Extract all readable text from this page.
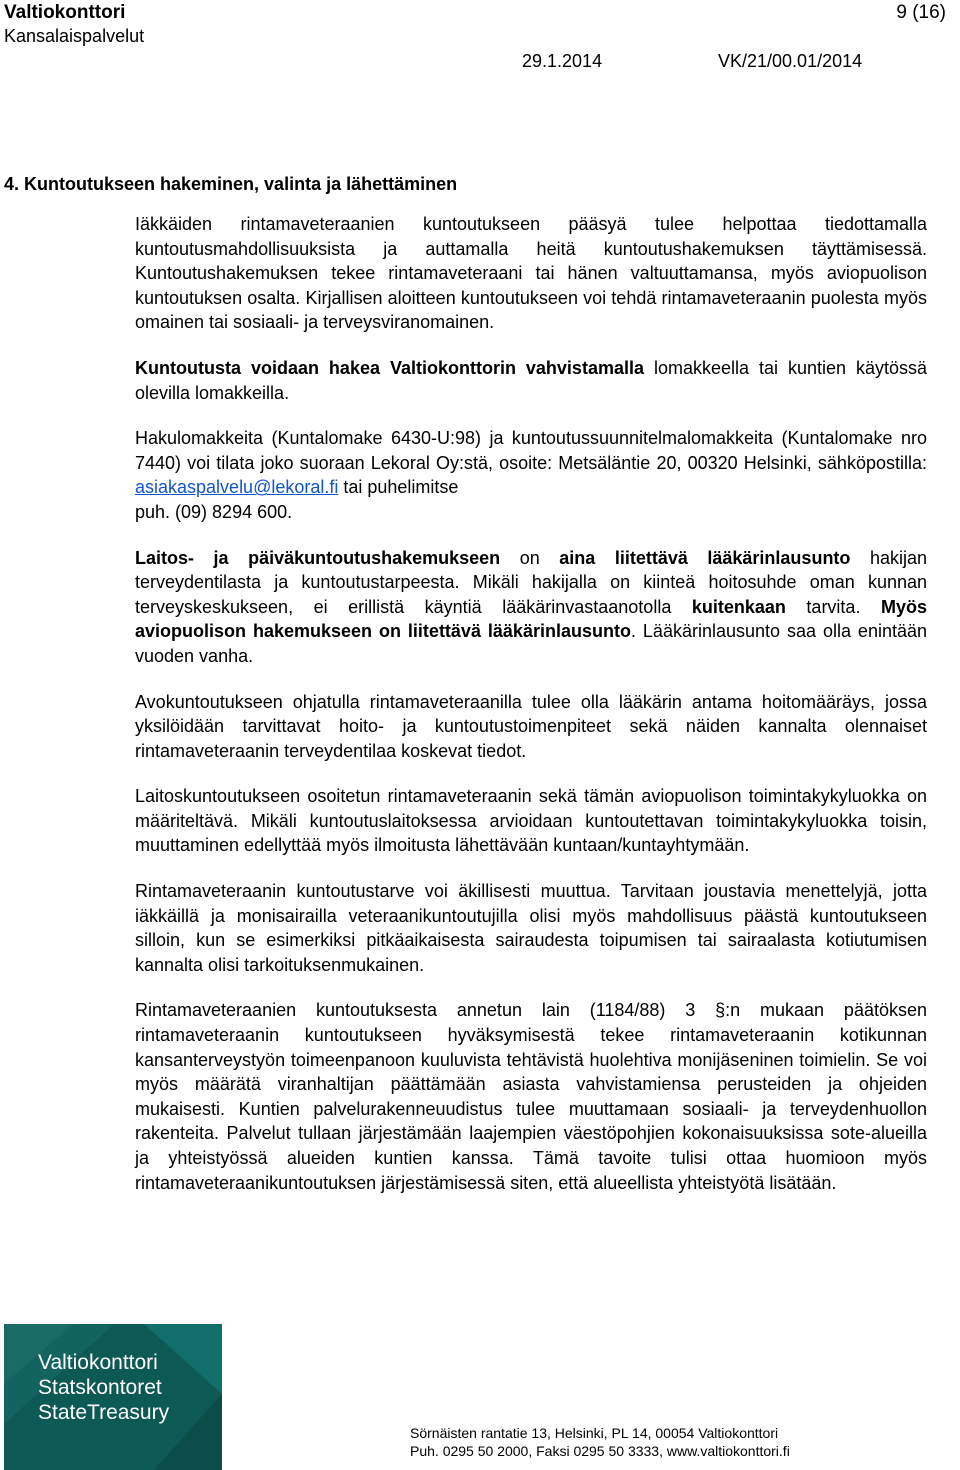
Valtiokonttori
Kansalaispalvelut
9 (16)
29.1.2014	VK/21/00.01/2014
4. Kuntoutukseen hakeminen, valinta ja lähettäminen

Iäkkäiden rintamaveteraanien kuntoutukseen pääsyä tulee helpottaa tiedottamalla kuntoutusmahdollisuuksista ja auttamalla heitä kuntoutushakemuksen täyttämisessä. Kuntoutushakemuksen tekee rintamaveteraani tai hänen valtuuttamansa, myös aviopuolison kuntoutuksen osalta. Kirjallisen aloitteen kuntoutukseen voi tehdä rintamaveteraanin puolesta myös omainen tai sosiaali- ja terveysviranomainen.

Kuntoutusta voidaan hakea Valtiokonttorin vahvistamalla lomakkeella tai kuntien käytössä olevilla lomakkeilla.

Hakulomakkeita (Kuntalomake 6430-U:98) ja kuntoutussuunnitelmalomakkeita (Kuntalomake nro 7440) voi tilata joko suoraan Lekoral Oy:stä, osoite: Metsäläntie 20, 00320 Helsinki, sähköpostilla: asiakaspalvelu@lekoral.fi tai puhelimitse

puh. (09) 8294 600.

Laitos- ja päiväkuntoutushakemukseen on aina liitettävä lääkärinlausunto hakijan terveydentilasta ja kuntoutustarpeesta. Mikäli hakijalla on kiinteä hoitosuhde oman kunnan terveyskeskukseen, ei erillistä käyntiä lääkärinvastaanotolla kuitenkaan tarvita. Myös aviopuolison hakemukseen on liitettävä lääkärinlausunto. Lääkärinlausunto saa olla enintään vuoden vanha.

Avokuntoutukseen ohjatulla rintamaveteraanilla tulee olla lääkärin antama hoitomääräys, jossa yksilöidään tarvittavat hoito- ja kuntoutustoimenpiteet sekä näiden kannalta olennaiset rintamaveteraanin terveydentilaa koskevat tiedot.

Laitoskuntoutukseen osoitetun rintamaveteraanin sekä tämän aviopuolison toimintakykyluokka on määriteltävä. Mikäli kuntoutuslaitoksessa arvioidaan kuntoutettavan toimintakykyluokka toisin, muuttaminen edellyttää myös ilmoitusta lähettävään kuntaan/kuntayhtymään.

Rintamaveteraanin kuntoutustarve voi äkillisesti muuttua. Tarvitaan joustavia menettelyjä, jotta iäkkäillä ja monisairailla veteraanikuntoutujilla olisi myös mahdollisuus päästä kuntoutukseen silloin, kun se esimerkiksi pitkäaikaisesta sairaudesta toipumisen tai sairaalasta kotiutumisen kannalta olisi tarkoituksenmukainen.

Rintamaveteraanien kuntoutuksesta annetun lain (1184/88) 3 §:n mukaan päätöksen rintamaveteraanin kuntoutukseen hyväksymisestä tekee rintamaveteraanin kotikunnan kansanterveystyön toimeenpanoon kuuluvista tehtävistä huolehtiva monijäseninen toimielin. Se voi myös määrätä viranhaltijan päättämään asiasta vahvistamiensa perusteiden ja ohjeiden mukaisesti. Kuntien palvelurakenneuudistus tulee muuttamaan sosiaali- ja terveydenhuollon rakenteita. Palvelut tullaan järjestämään laajempien väestöpohjien kokonaisuuksissa sote-alueilla ja yhteistyössä alueiden kuntien kanssa. Tämä tavoite tulisi ottaa huomioon myös rintamaveteraanikuntoutuksen järjestämisessä siten, että alueellista yhteistyötä lisätään.

Valtiokonttori
Statskontoret
StateTreasury
Sörnäisten rantatie 13, Helsinki, PL 14, 00054 Valtiokonttori
Puh. 0295 50 2000, Faksi 0295 50 3333, www.valtiokonttori.fi
